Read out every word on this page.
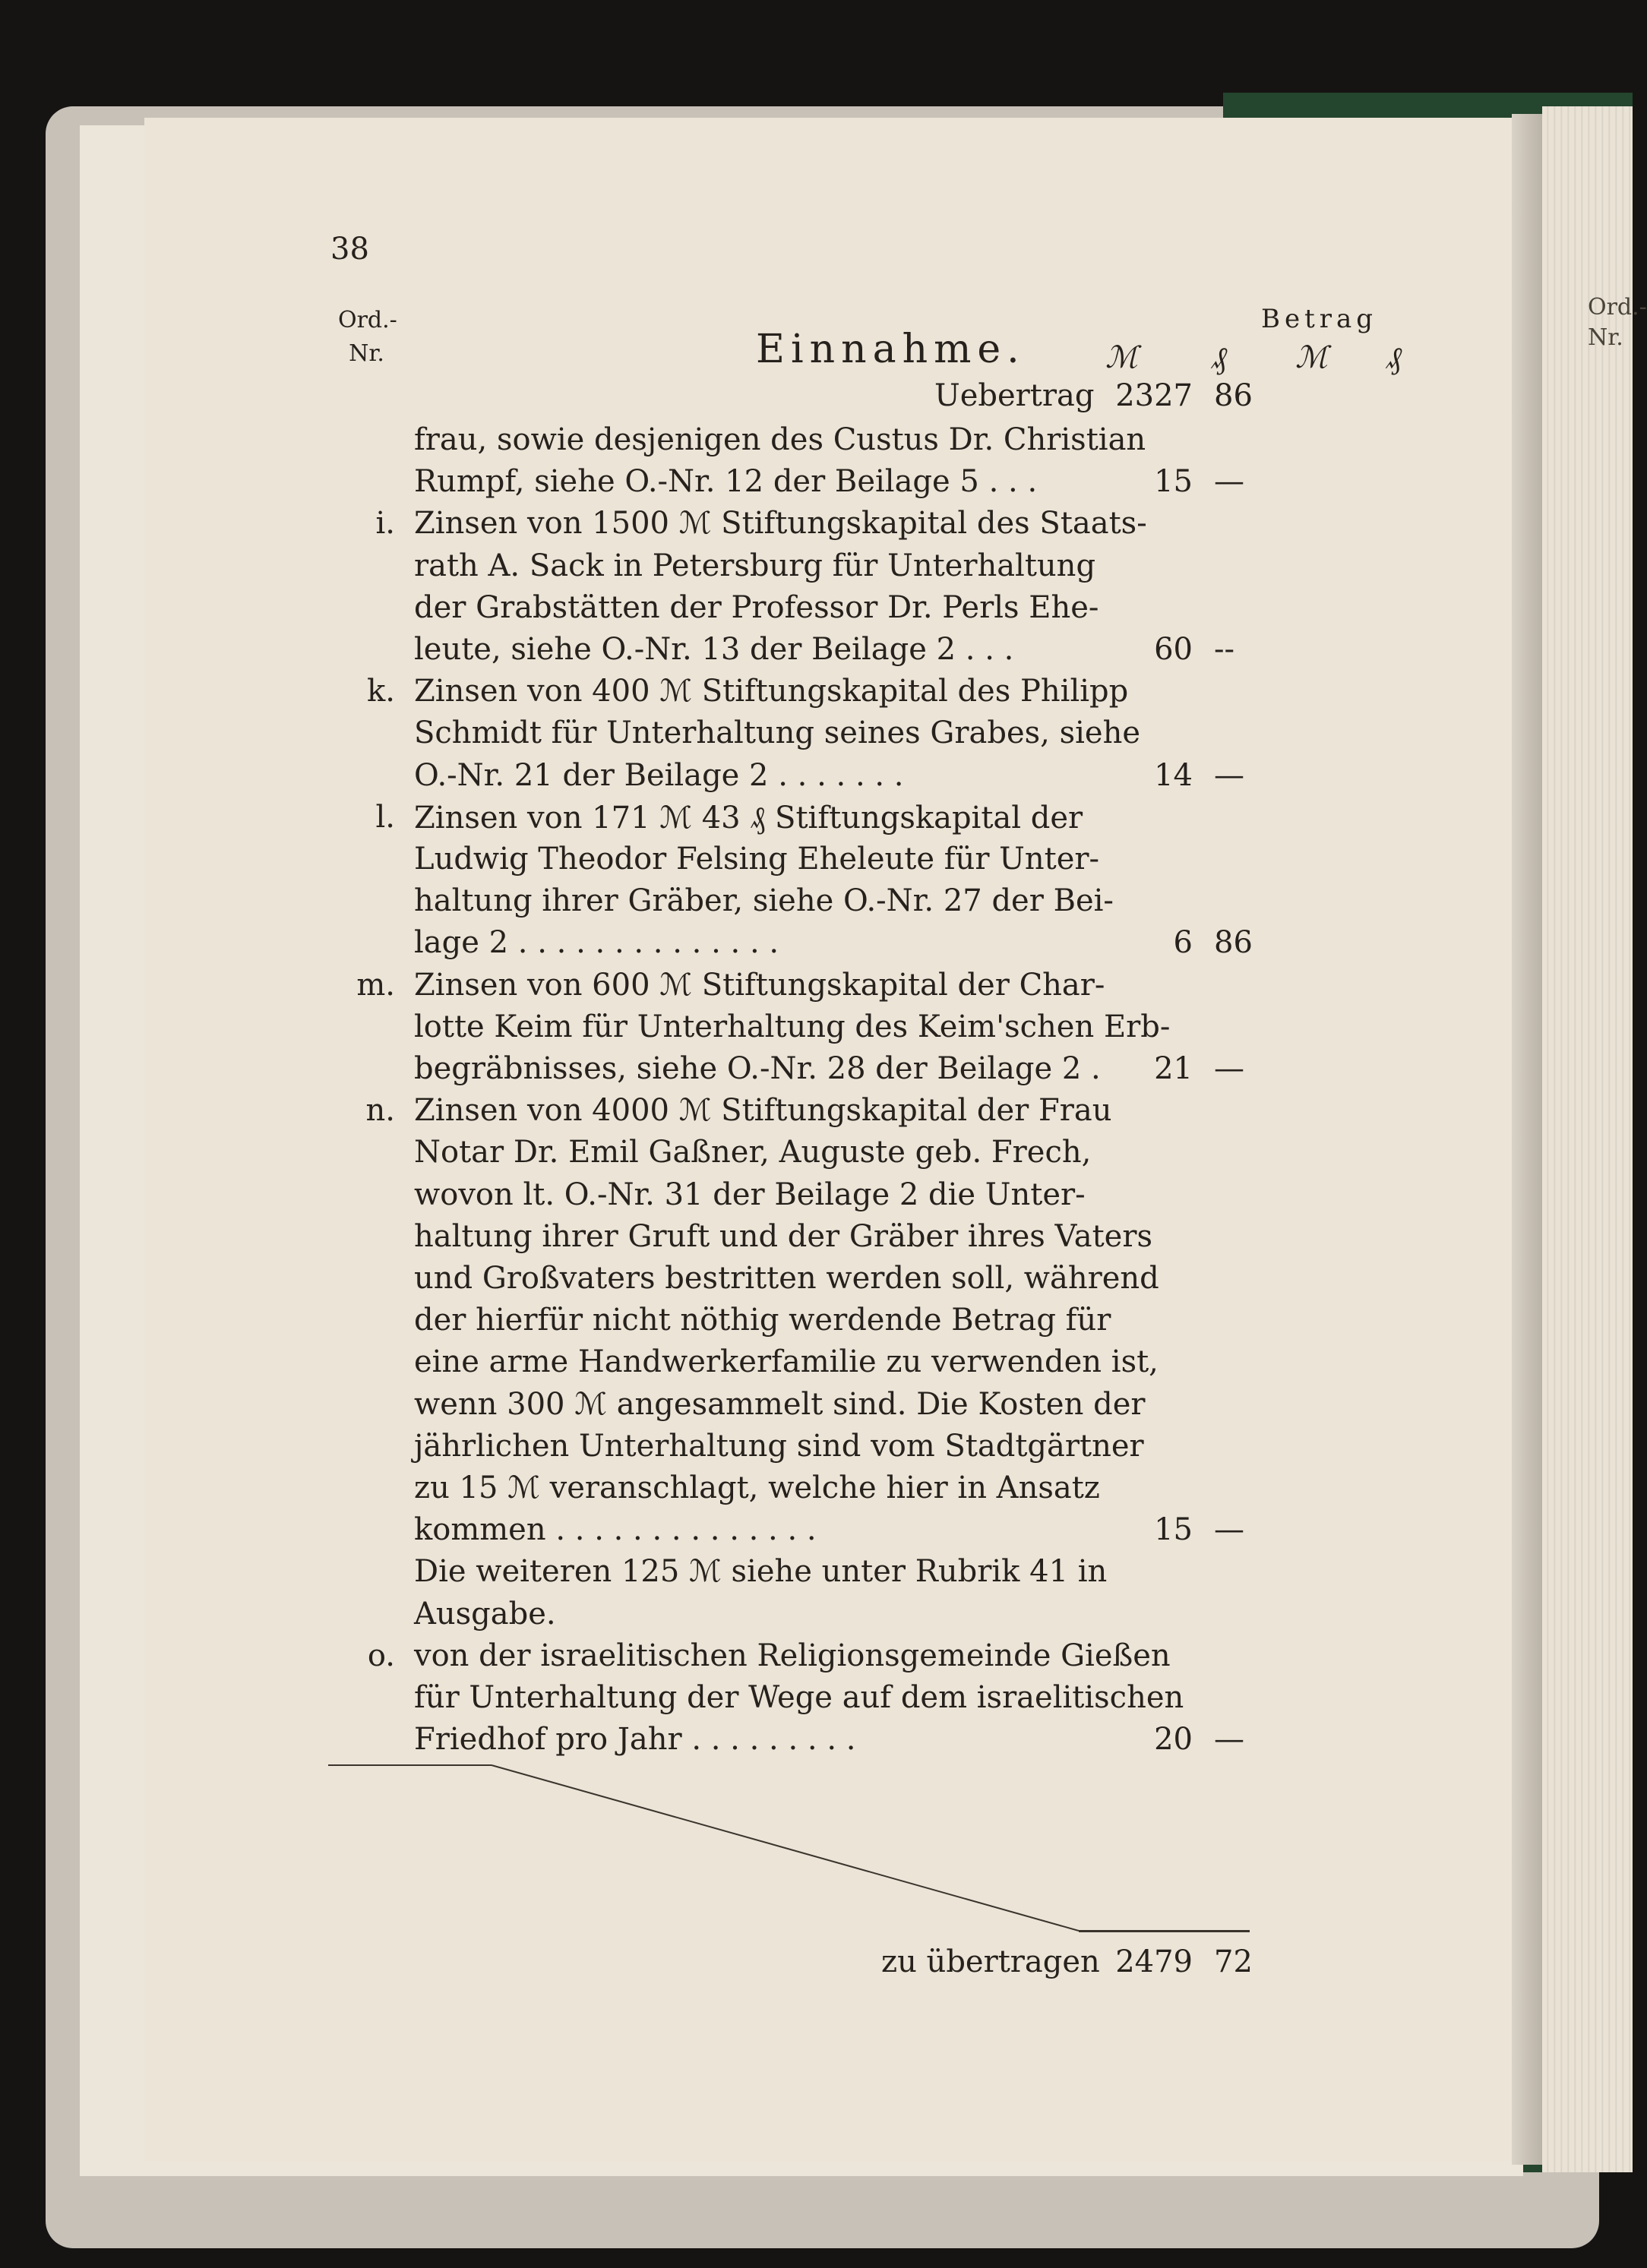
Ord.-Nr.
38
Ord.-Nr.	Einnahme.
Betrag
ℳ ₰ ℳ ₰
Uebertrag 2327 86
frau, sowie desjenigen des Custus Dr. Christian
Rumpf, siehe O.-Nr. 12 der Beilage 5 . . .	15 —
i. Zinsen von 1500 ℳ Stiftungskapital des Staats-
rath A. Sack in Petersburg für Unterhaltung
der Grabstätten der Professor Dr. Perls Ehe-
leute, siehe O.-Nr. 13 der Beilage 2 . . .	60 --
k. Zinsen von 400 ℳ Stiftungskapital des Philipp
Schmidt für Unterhaltung seines Grabes, siehe
O.-Nr. 21 der Beilage 2 . . . . . . .	14 —
l. Zinsen von 171 ℳ 43 ₰ Stiftungskapital der
Ludwig Theodor Felsing Eheleute für Unter-
haltung ihrer Gräber, siehe O.-Nr. 27 der Bei-
lage 2 . . . . . . . . . . . . . .	6 86
m. Zinsen von 600 ℳ Stiftungskapital der Char-
lotte Keim für Unterhaltung des Keim'schen Erb-
begräbnisses, siehe O.-Nr. 28 der Beilage 2 .	21 —
n. Zinsen von 4000 ℳ Stiftungskapital der Frau
Notar Dr. Emil Gaßner, Auguste geb. Frech,
wovon lt. O.-Nr. 31 der Beilage 2 die Unter-
haltung ihrer Gruft und der Gräber ihres Vaters
und Großvaters bestritten werden soll, während
der hierfür nicht nöthig werdende Betrag für
eine arme Handwerkerfamilie zu verwenden ist,
wenn 300 ℳ angesammelt sind. Die Kosten der
jährlichen Unterhaltung sind vom Stadtgärtner
zu 15 ℳ veranschlagt, welche hier in Ansatz
kommen . . . . . . . . . . . . . .	15 —
Die weiteren 125 ℳ siehe unter Rubrik 41 in
Ausgabe.
o. von der israelitischen Religionsgemeinde Gießen
für Unterhaltung der Wege auf dem israelitischen
Friedhof pro Jahr . . . . . . . . .	20 —
zu übertragen 2479 72
